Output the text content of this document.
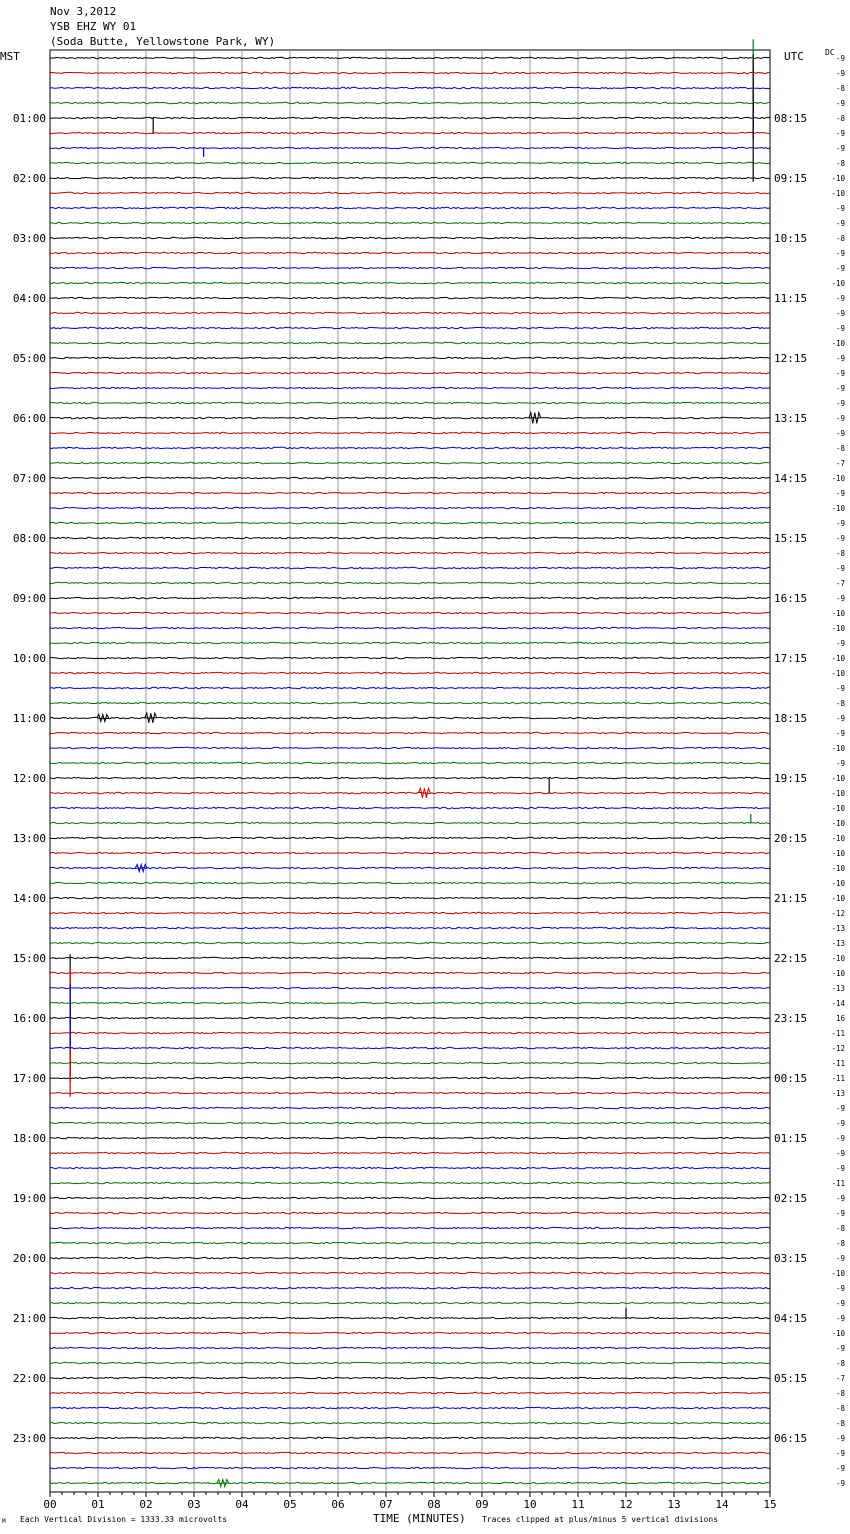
01:00	08:15
02:00	09:15
03:00	10:15
04:00	11:15
05:00	12:15
06:00	13:15
07:00	14:15
08:00	15:15
09:00	16:15
10:00	17:15
11:00	18:15
12:00	19:15
13:00	20:15
14:00	21:15
15:00	22:15
16:00	23:15
17:00	00:15
18:00	01:15
19:00	02:15
20:00	03:15
21:00	04:15
22:00	05:15
23:00	06:15
-9
-9
-8
-9
-8
-9
-9
-8
-10
-10
-9
-9
-8
-9
-9
-10
-9
-9
-9
-10
-9
-9
-9
-9
-9
-9
-8
-7
-10
-9
-10
-9
-9
-8
-9
-7
-9
-10
-10
-9
-10
-10
-9
-8
-9
-9
-10
-9
-10
-10
-10
-10
-10
-10
-10
-10
-10
-12
-13
-13
-10
-10
-13
-14
16
-11
-12
-11
-11
-13
-9
-9
-9
-9
-9
-11
-9
-9
-8
-8
-9
-10
-9
-9
-9
-10
-9
-8
-7
-8
-8
-8
-9
-9
-9
-9
00	01	02	03	04	05	06	07	08	09	10	11	12	13	14	15
Nov 3,2012
YSB EHZ WY 01
(Soda Butte, Yellowstone Park, WY)
MST	UTC	DC
TIME (MINUTES)
Each Vertical Division = 1333.33 microvolts	Traces clipped at plus/minus 5 vertical divisions
M
